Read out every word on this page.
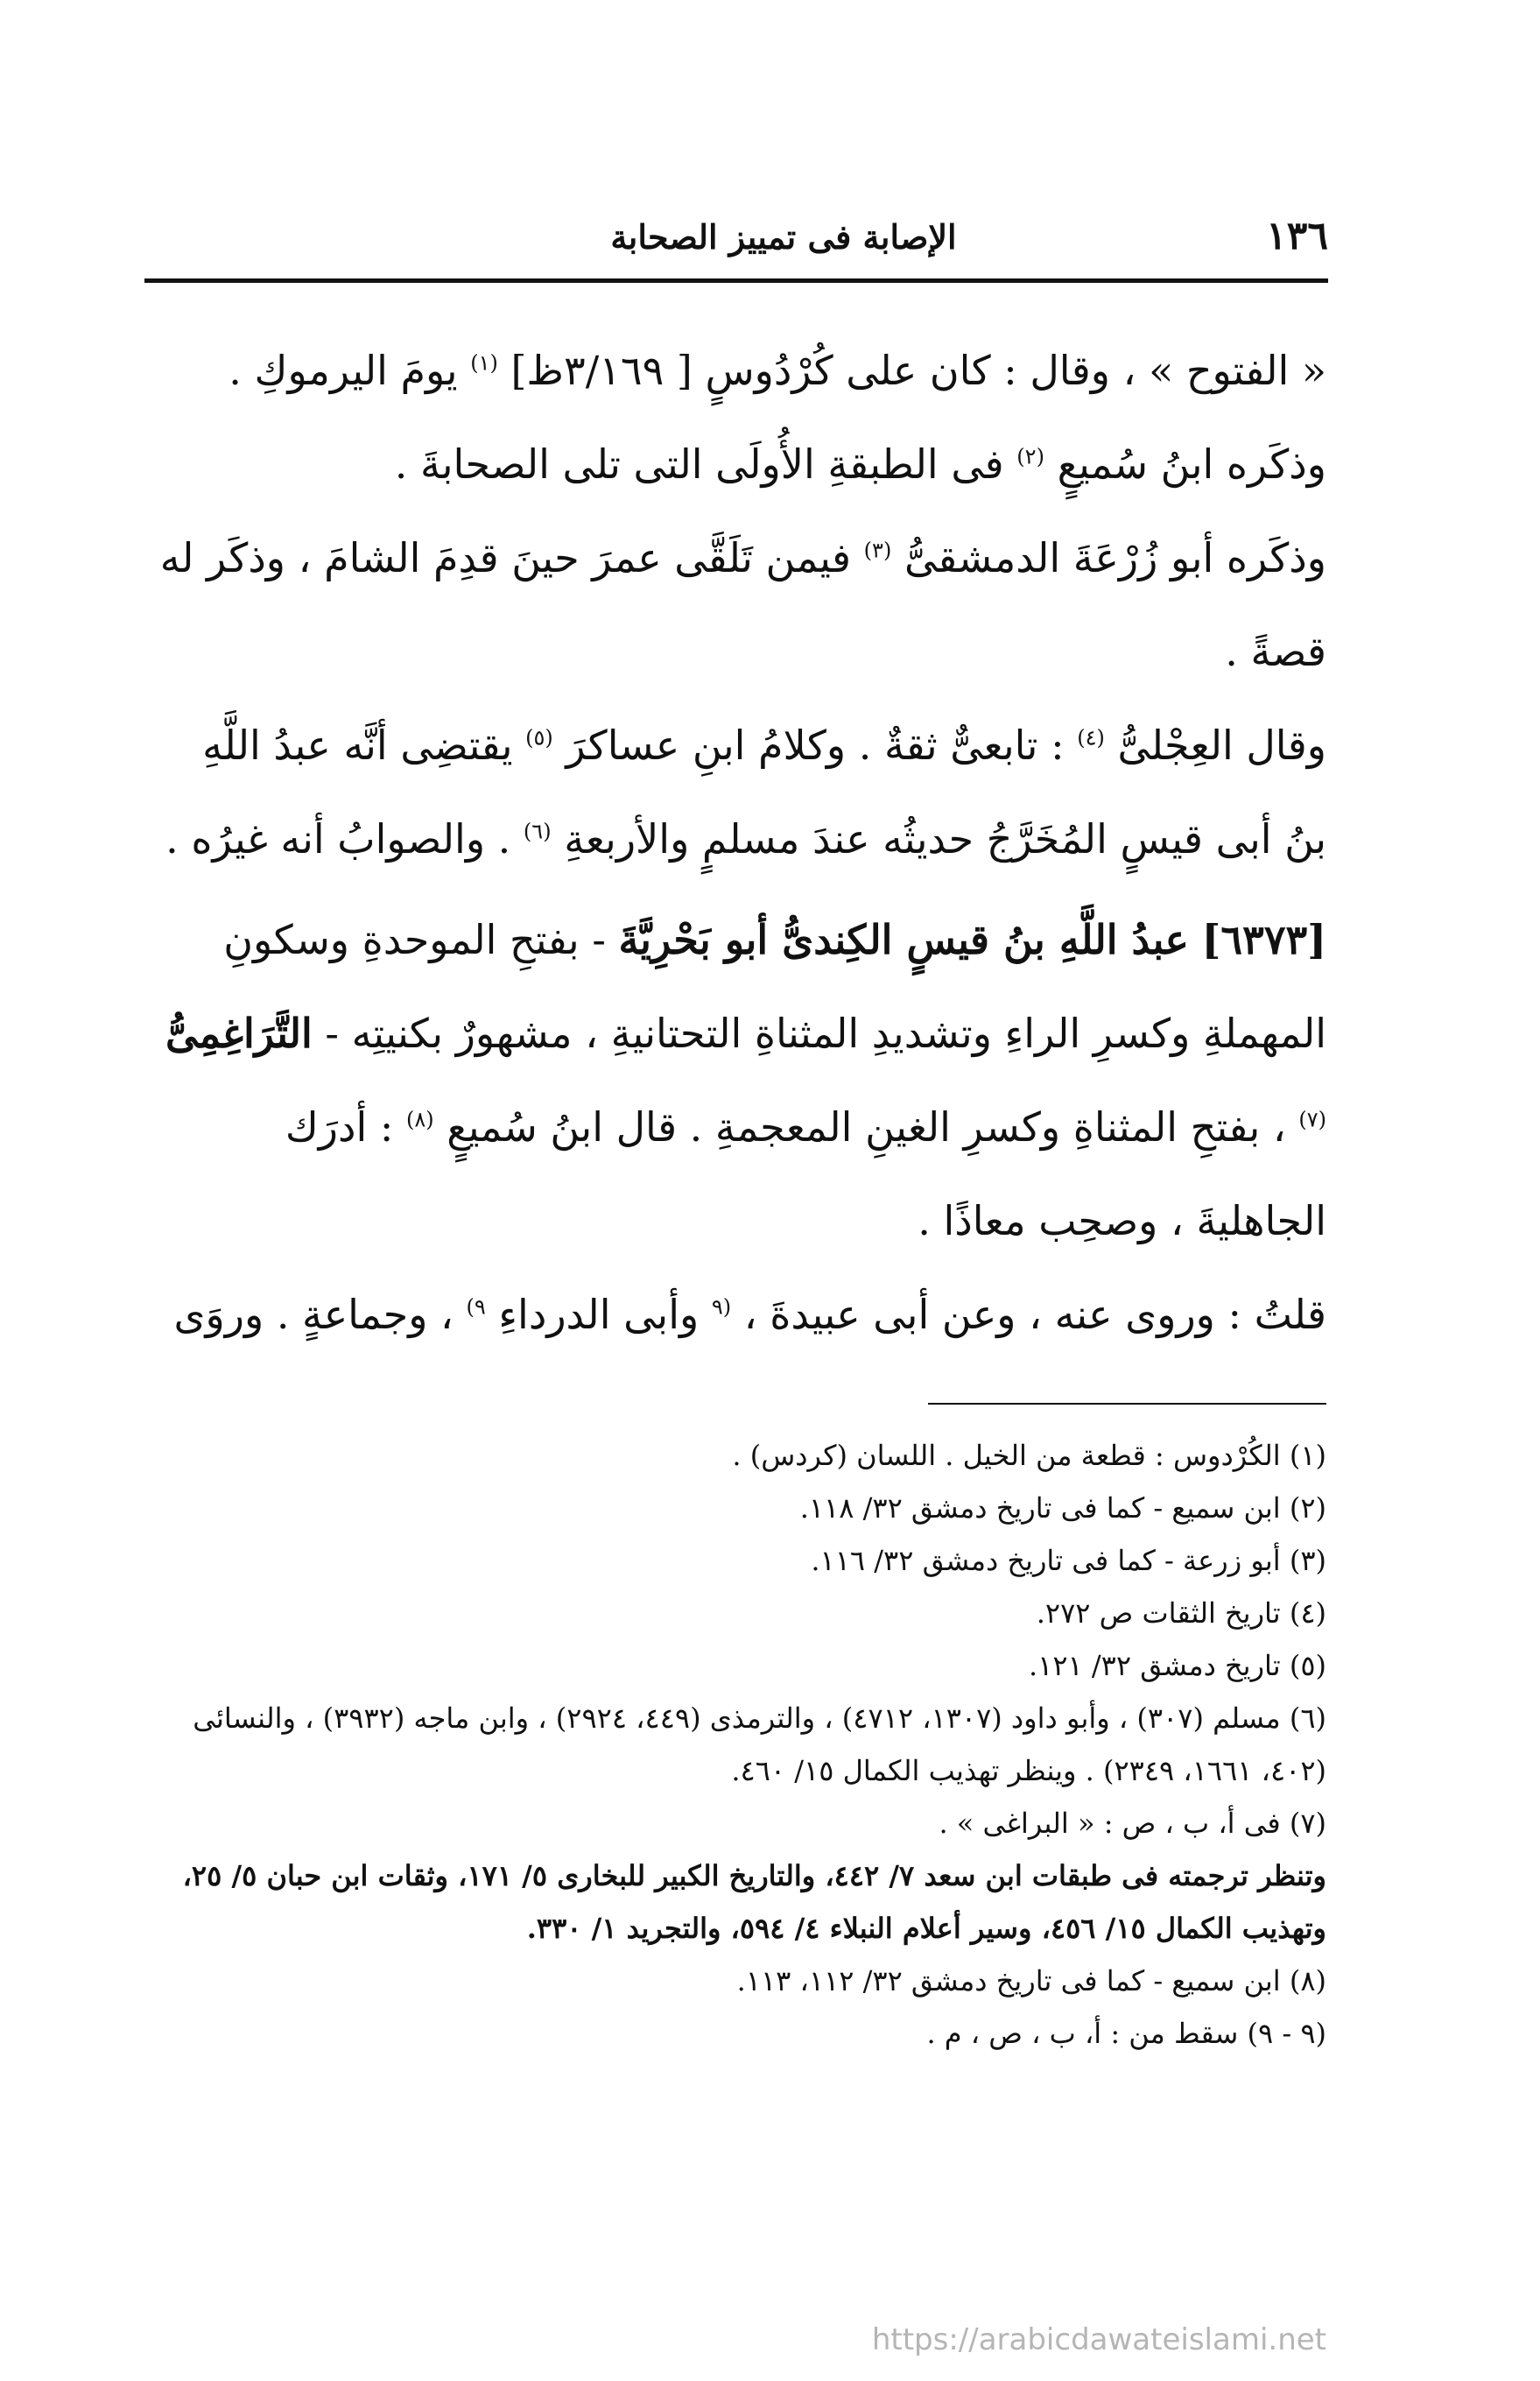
١٣٦
الإصابة فى تمييز الصحابة

« الفتوح » ، وقال : كان على كُرْدُوسٍ [ ٣/١٦٩ظ] $^{(١)}$ يومَ اليرموكِ .

وذكَره ابنُ سُميعٍ $^{(٢)}$ فى الطبقةِ الأُولَى التى تلى الصحابةَ .

وذكَره أبو زُرْعَةَ الدمشقىُّ $^{(٣)}$ فيمن تَلَقَّى عمرَ حينَ قدِمَ الشامَ ، وذكَر له قصةً .

وقال العِجْلىُّ $^{(٤)}$ : تابعىٌّ ثقةٌ . وكلامُ ابنِ عساكرَ $^{(٥)}$ يقتضِى أنَّه عبدُ اللَّهِ بنُ أبى قيسٍ المُخَرَّجُ حديثُه عندَ مسلمٍ والأربعةِ $^{(٦)}$ . والصوابُ أنه غيرُه .

[٦٣٧٣] عبدُ اللَّهِ بنُ قيسٍ الكِندىُّ أبو بَحْرِيَّةَ - بفتحِ الموحدةِ وسكونِ المهملةِ وكسرِ الراءِ وتشديدِ المثناةِ التحتانيةِ ، مشهورٌ بكنيتِه - التَّرَاغِمِىُّ $^{(٧)}$ ، بفتحِ المثناةِ وكسرِ الغينِ المعجمةِ . قال ابنُ سُميعٍ $^{(٨)}$ : أدرَك الجاهليةَ ، وصحِب معاذًا .

قلتُ : وروى عنه ، وعن أبى عبيدةَ ، $^{(٩}$ وأبى الدرداءِ $^{٩)}$ ، وجماعةٍ . وروَى

(١) الكُرْدوس : قطعة من الخيل . اللسان (كردس) .

(٢) ابن سميع - كما فى تاريخ دمشق ٣٢/ ١١٨.

(٣) أبو زرعة - كما فى تاريخ دمشق ٣٢/ ١١٦.

(٤) تاريخ الثقات ص ٢٧٢.

(٥) تاريخ دمشق ٣٢/ ١٢١.

(٦) مسلم (٣٠٧) ، وأبو داود (١٣٠٧، ٤٧١٢) ، والترمذى (٤٤٩، ٢٩٢٤) ، وابن ماجه (٣٩٣٢) ، والنسائى (٤٠٢، ١٦٦١، ٢٣٤٩) . وينظر تهذيب الكمال ١٥/ ٤٦٠.

(٧) فى أ، ب ، ص : « البراغى » .

وتنظر ترجمته فى طبقات ابن سعد ٧/ ٤٤٢، والتاريخ الكبير للبخارى ٥/ ١٧١، وثقات ابن حبان ٥/ ٢٥، وتهذيب الكمال ١٥/ ٤٥٦، وسير أعلام النبلاء ٤/ ٥٩٤، والتجريد ١/ ٣٣٠.

(٨) ابن سميع - كما فى تاريخ دمشق ٣٢/ ١١٢، ١١٣.

(٩ - ٩) سقط من : أ، ب ، ص ، م .

https://arabicdawateislami.net
